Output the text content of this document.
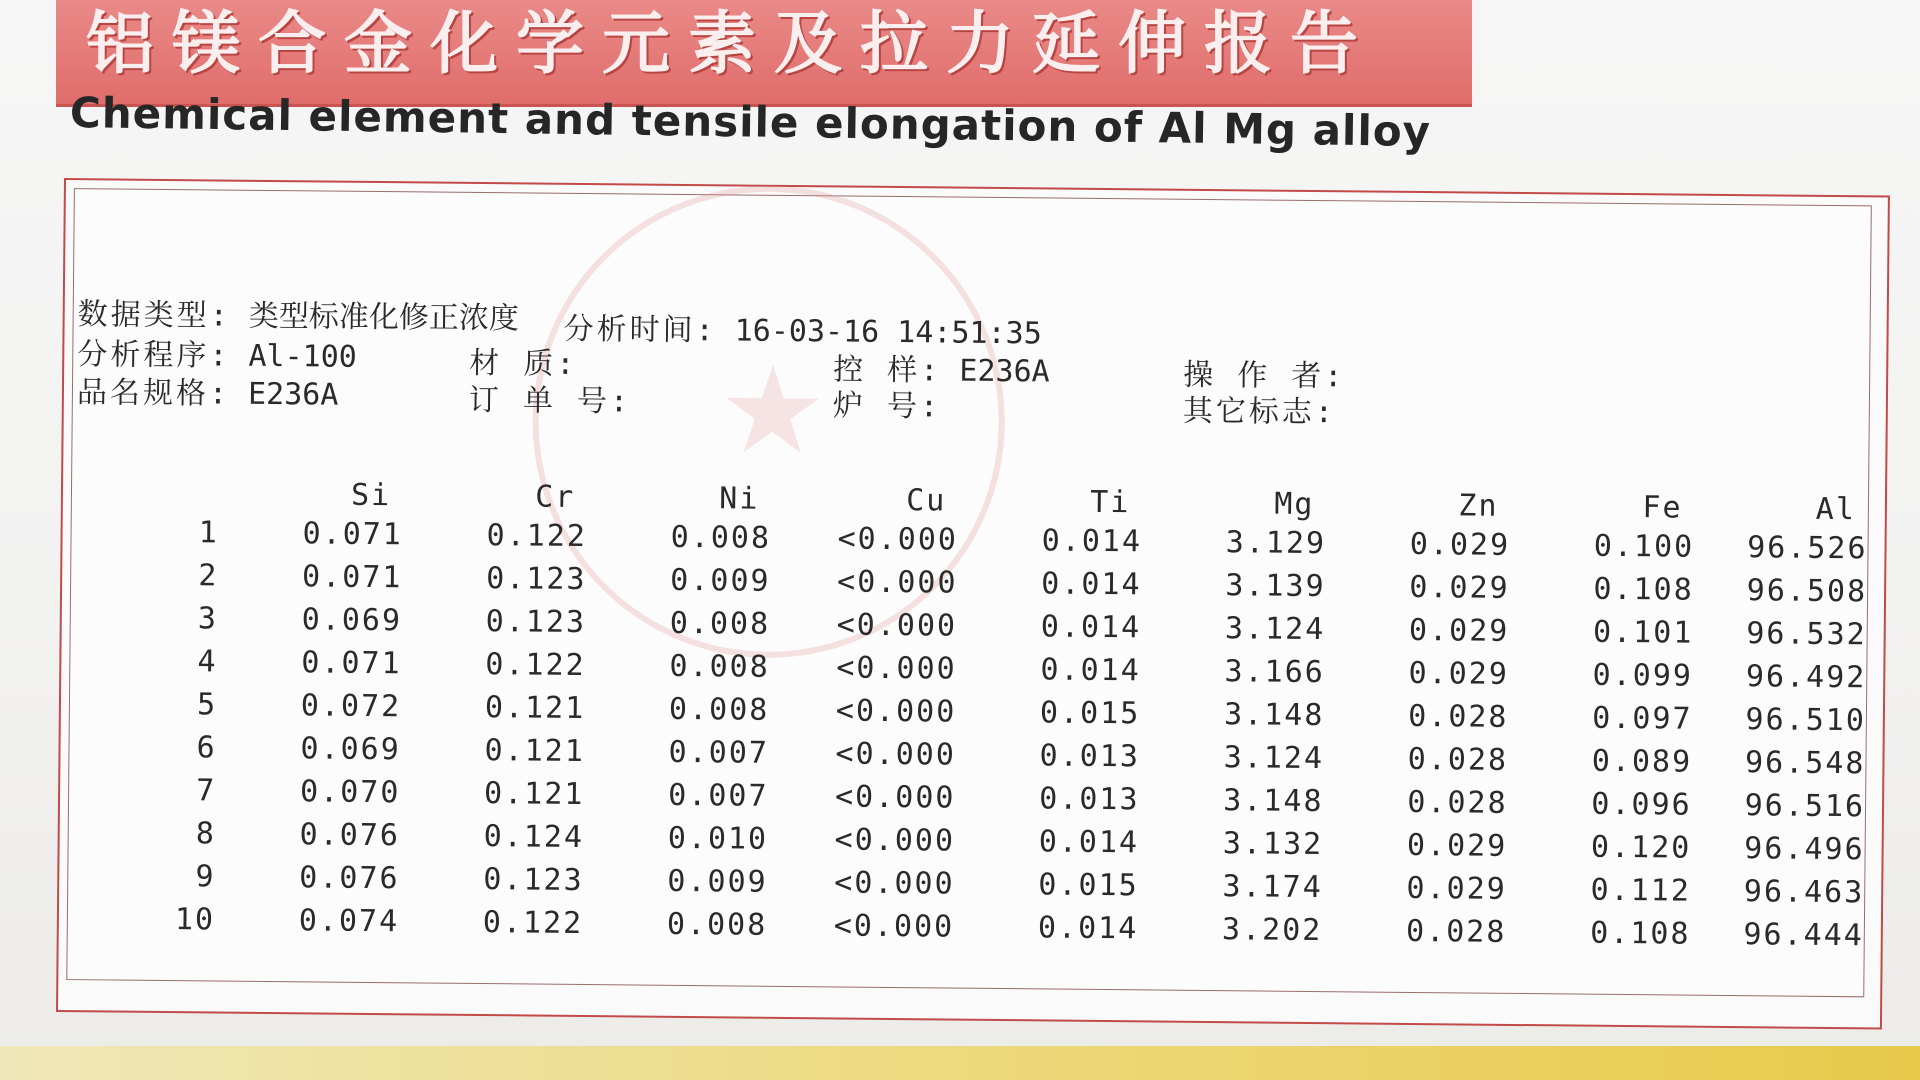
铝镁合金化学元素及拉力延伸报告
Chemical element and tensile elongation of Al Mg alloy
★
数据类型: 类型标准化修正浓度 分析时间: 16-03-16 14:51:35
分析程序: Al-100	材 质:	控 样: E236A	操 作 者:
品名规格: E236A	订 单 号:	炉 号:	其它标志:
	Si	Cr	Ni	Cu	Ti	Mg	Zn	Fe	Al
1	0.071	0.122	0.008	<0.000	0.014	3.129	0.029	0.100	96.526
2	0.071	0.123	0.009	<0.000	0.014	3.139	0.029	0.108	96.508
3	0.069	0.123	0.008	<0.000	0.014	3.124	0.029	0.101	96.532
4	0.071	0.122	0.008	<0.000	0.014	3.166	0.029	0.099	96.492
5	0.072	0.121	0.008	<0.000	0.015	3.148	0.028	0.097	96.510
6	0.069	0.121	0.007	<0.000	0.013	3.124	0.028	0.089	96.548
7	0.070	0.121	0.007	<0.000	0.013	3.148	0.028	0.096	96.516
8	0.076	0.124	0.010	<0.000	0.014	3.132	0.029	0.120	96.496
9	0.076	0.123	0.009	<0.000	0.015	3.174	0.029	0.112	96.463
10	0.074	0.122	0.008	<0.000	0.014	3.202	0.028	0.108	96.444
